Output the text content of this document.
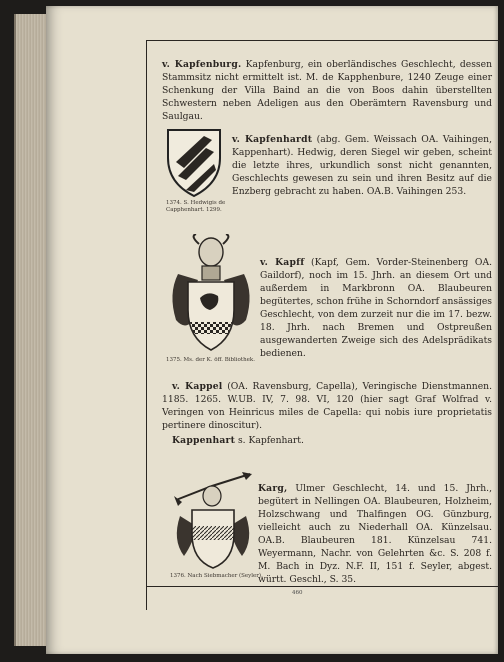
v. Kapfenburg. Kapfenburg, ein oberländisches Geschlecht, dessen Stammsitz nicht ermittelt ist. M. de Kapphenbure, 1240 Zeuge einer Schenkung der Villa Baind an die von Boos dahin überstellten Schwestern neben Adeligen aus den Oberämtern Ravensburg und Saulgau.
1374. S. Hedwigis de Capphenhart. 1299.
v. Kapfenhardt (abg. Gem. Weissach OA. Vaihingen, Kappenhart). Hedwig, deren Siegel wir geben, scheint die letzte ihres, urkundlich sonst nicht genannten, Geschlechts gewesen zu sein und ihren Besitz auf die Enzberg gebracht zu haben. OA.B. Vaihingen 253.
1375. Ms. der K. öff. Bibliothek.
v. Kapff (Kapf, Gem. Vorder-Steinenberg OA. Gaildorf), noch im 15. Jhrh. an diesem Ort und außerdem in Markbronn OA. Blaubeuren begütertes, schon frühe in Schorndorf ansässiges Geschlecht, von dem zurzeit nur die im 17. bezw. 18. Jhrh. nach Bremen und Ostpreußen ausgewanderten Zweige sich des Adelsprädikats bedienen.
v. Kappel (OA. Ravensburg, Capella), Veringische Dienstmannen. 1185. 1265. W.UB. IV, 7. 98. VI, 120 (hier sagt Graf Wolfrad v. Veringen von Heinricus miles de Capella: qui nobis iure proprietatis pertinere dinoscitur).
Kappenhart s. Kapfenhart.
1376. Nach Siebmacher (Seyler).
Karg, Ulmer Geschlecht, 14. und 15. Jhrh., begütert in Nellingen OA. Blaubeuren, Holzheim, Holzschwang und Thalfingen OG. Günzburg, vielleicht auch zu Niederhall OA. Künzelsau. OA.B. Blaubeuren 181. Künzelsau 741. Weyermann, Nachr. von Gelehrten &c. S. 208 f. M. Bach in Dyz. N.F. II, 151 f. Seyler, abgest. württ. Geschl., S. 35.
460
